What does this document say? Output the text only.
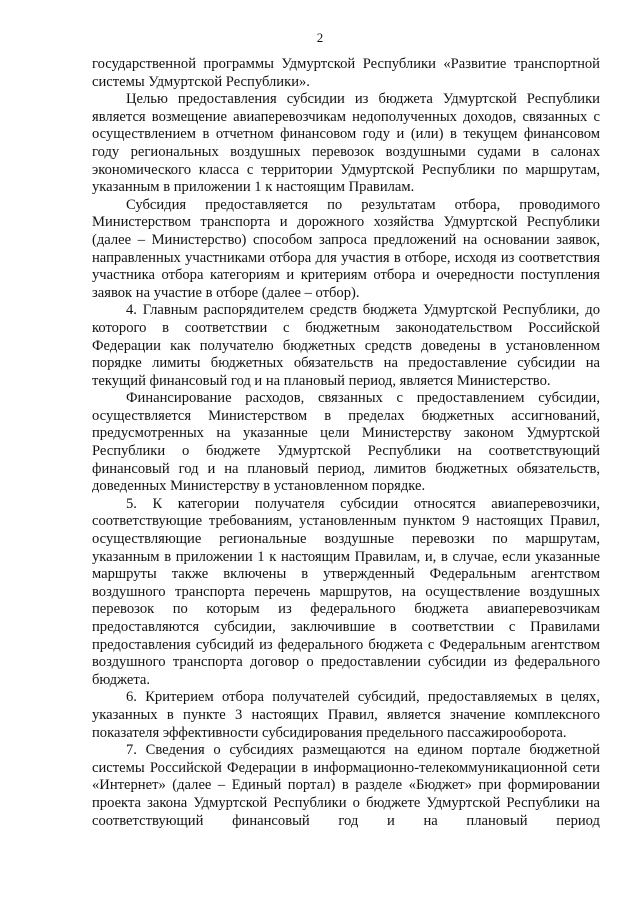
2

государственной программы Удмуртской Республики «Развитие транспортной системы Удмуртской Республики».

Целью предоставления субсидии из бюджета Удмуртской Республики является возмещение авиаперевозчикам недополученных доходов, связанных с осуществлением в отчетном финансовом году и (или) в текущем финансовом году региональных воздушных перевозок воздушными судами в салонах экономического класса с территории Удмуртской Республики по маршрутам, указанным в приложении 1 к настоящим Правилам.

Субсидия предоставляется по результатам отбора, проводимого Министерством транспорта и дорожного хозяйства Удмуртской Республики (далее – Министерство) способом запроса предложений на основании заявок, направленных участниками отбора для участия в отборе, исходя из соответствия участника отбора категориям и критериям отбора и очередности поступления заявок на участие в отборе (далее – отбор).

4. Главным распорядителем средств бюджета Удмуртской Республики, до которого в соответствии с бюджетным законодательством Российской Федерации как получателю бюджетных средств доведены в установленном порядке лимиты бюджетных обязательств на предоставление субсидии на текущий финансовый год и на плановый период, является Министерство.

Финансирование расходов, связанных с предоставлением субсидии, осуществляется Министерством в пределах бюджетных ассигнований, предусмотренных на указанные цели Министерству законом Удмуртской Республики о бюджете Удмуртской Республики на соответствующий финансовый год и на плановый период, лимитов бюджетных обязательств, доведенных Министерству в установленном порядке.

5. К категории получателя субсидии относятся авиаперевозчики, соответствующие требованиям, установленным пунктом 9 настоящих Правил, осуществляющие региональные воздушные перевозки по маршрутам, указанным в приложении 1 к настоящим Правилам, и, в случае, если указанные маршруты также включены в утвержденный Федеральным агентством воздушного транспорта перечень маршрутов, на осуществление воздушных перевозок по которым из федерального бюджета авиаперевозчикам предоставляются субсидии, заключившие в соответствии с Правилами предоставления субсидий из федерального бюджета с Федеральным агентством воздушного транспорта договор о предоставлении субсидии из федерального бюджета.

6. Критерием отбора получателей субсидий, предоставляемых в целях, указанных в пункте 3 настоящих Правил, является значение комплексного показателя эффективности субсидирования предельного пассажирооборота.

7. Сведения о субсидиях размещаются на едином портале бюджетной системы Российской Федерации в информационно-телекоммуникационной сети «Интернет» (далее – Единый портал) в разделе «Бюджет» при формировании проекта закона Удмуртской Республики о бюджете Удмуртской Республики на соответствующий финансовый год и на плановый период
